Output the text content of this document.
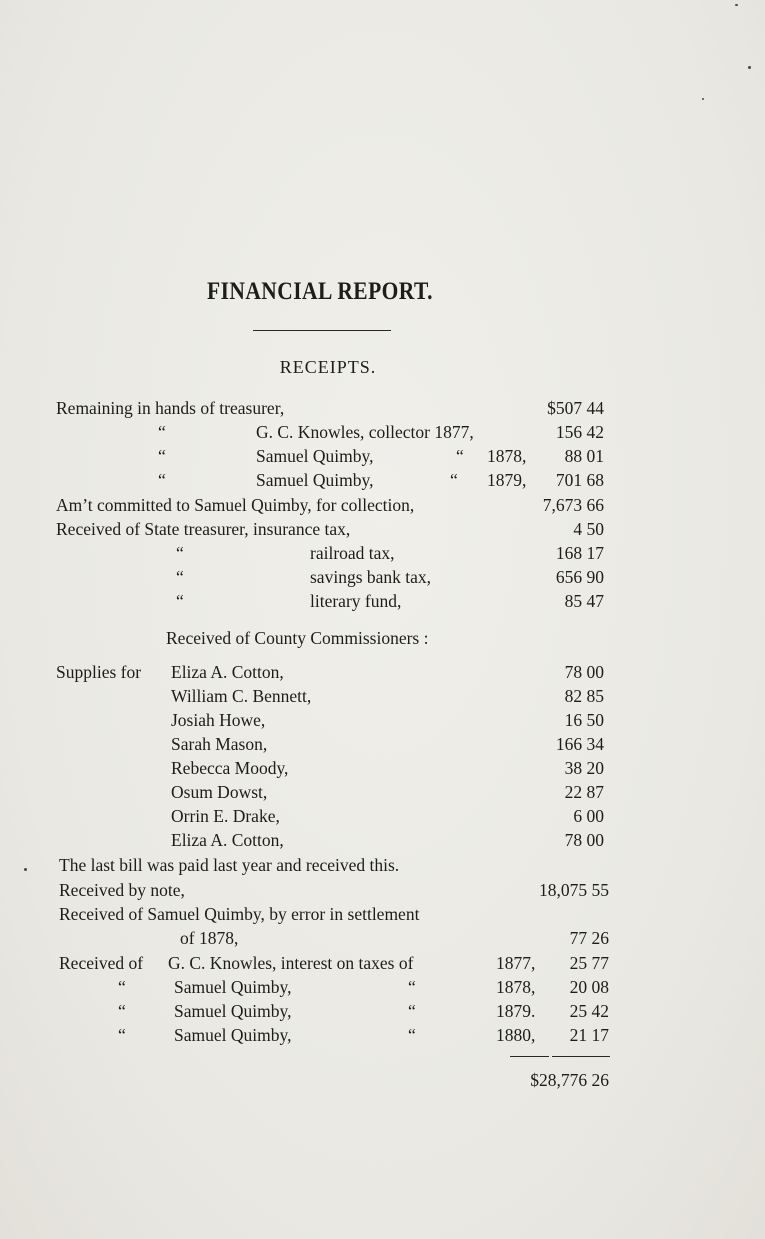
FINANCIAL REPORT.
RECEIPTS.
Remaining in hands of treasurer,	$507 44
“	G. C. Knowles, collector 1877,	156 42
“	Samuel Quimby,	“ 1878, 88 01
“	Samuel Quimby,	“ 1879, 701 68
Am’t committed to Samuel Quimby, for collection,	7,673 66
Received of State treasurer, insurance tax,	4 50
“	railroad tax,	168 17
“	savings bank tax,	656 90
“	literary fund,	85 47
Received of County Commissioners :
Supplies for Eliza A. Cotton,	78 00
William C. Bennett,	82 85
Josiah Howe,	16 50
Sarah Mason,	166 34
Rebecca Moody,	38 20
Osum Dowst,	22 87
Orrin E. Drake,	6 00
Eliza A. Cotton,	78 00
The last bill was paid last year and received this.
Received by note,	18,075 55
Received of Samuel Quimby, by error in settlement
of 1878,	77 26
Received of G. C. Knowles, interest on taxes of	1877, 25 77
“	Samuel Quimby,	“	1878, 20 08
“	Samuel Quimby,	“	1879. 25 42
“	Samuel Quimby,	“	1880, 21 17
$28,776 26
